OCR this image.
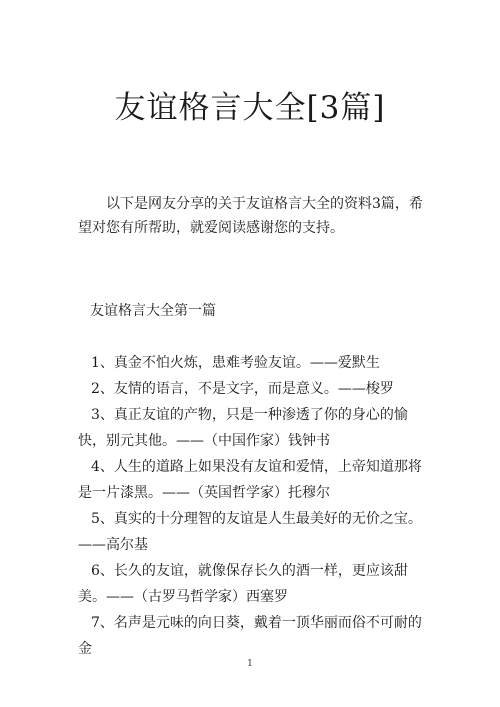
友谊格言大全[3篇]

以下是网友分享的关于友谊格言大全的资料3篇，希望对您有所帮助，就爱阅读感谢您的支持。

友谊格言大全第一篇
1、真金不怕火炼，患难考验友谊。——爱默生
2、友情的语言，不是文字，而是意义。——梭罗
3、真正友谊的产物，只是一种渗透了你的身心的愉快，别元其他。——（中国作家）钱钟书
4、人生的道路上如果没有友谊和爱情，上帝知道那将是一片漆黑。——（英国哲学家）托穆尔
5、真实的十分理智的友谊是人生最美好的无价之宝。——高尔基
6、长久的友谊，就像保存长久的酒一样，更应该甜美。——（古罗马哲学家）西塞罗
7、名声是元味的向日葵，戴着一顶华丽而俗不可耐的金
1
